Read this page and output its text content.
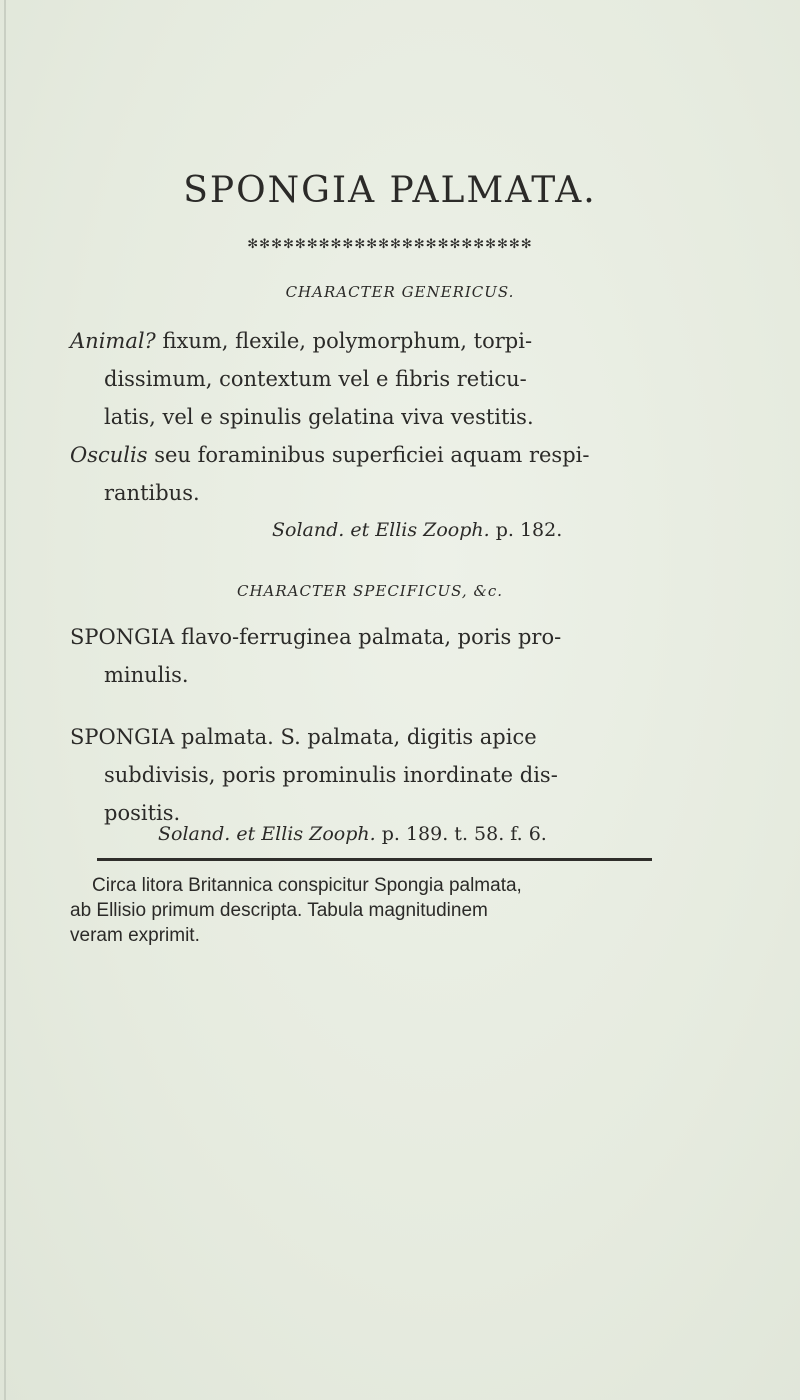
SPONGIA PALMATA.
✻✻✻✻✻✻✻✻✻✻✻✻✻✻✻✻✻✻✻✻✻✻✻✻
CHARACTER GENERICUS.
Animal? fixum, flexile, polymorphum, torpi-
dissimum, contextum vel e fibris reticu-
latis, vel e spinulis gelatina viva vestitis.
Osculis seu foraminibus superficiei aquam respi-
rantibus.
Soland. et Ellis Zooph. p. 182.
CHARACTER SPECIFICUS, &c.
SPONGIA flavo-ferruginea palmata, poris pro-
minulis.
SPONGIA palmata. S. palmata, digitis apice
subdivisis, poris prominulis inordinate dis-
positis.
Soland. et Ellis Zooph. p. 189. t. 58. f. 6.
Circa litora Britannica conspicitur Spongia palmata,
ab Ellisio primum descripta. Tabula magnitudinem
veram exprimit.
